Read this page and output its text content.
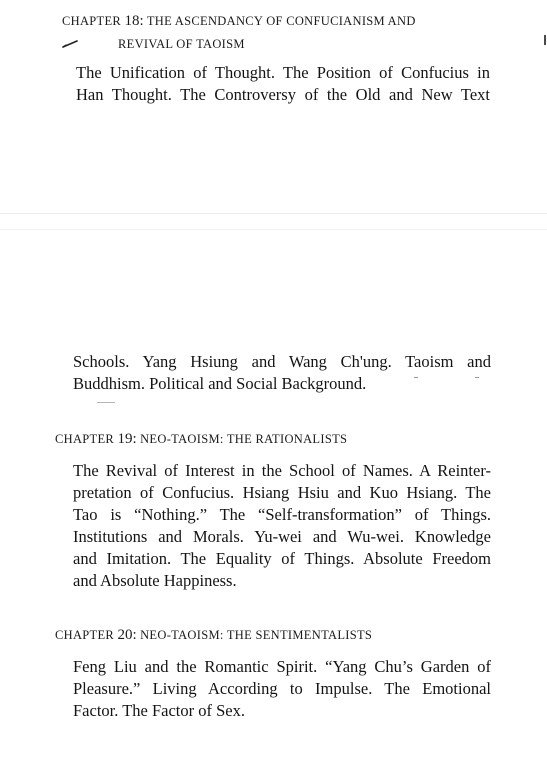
CHAPTER 18: THE ASCENDANCY OF CONFUCIANISM AND
REVIVAL OF TAOISM
The Unification of Thought. The Position of Confucius in
Han Thought. The Controversy of the Old and New Text
Schools. Yang Hsiung and Wang Ch'ung. Taoism and
Buddhism. Political and Social Background.
CHAPTER 19: NEO-TAOISM: THE RATIONALISTS
The Revival of Interest in the School of Names. A Reinter-
pretation of Confucius. Hsiang Hsiu and Kuo Hsiang. The
Tao is “Nothing.” The “Self-transformation” of Things.
Institutions and Morals. Yu-wei and Wu-wei. Knowledge
and Imitation. The Equality of Things. Absolute Freedom
and Absolute Happiness.
CHAPTER 20: NEO-TAOISM: THE SENTIMENTALISTS
Feng Liu and the Romantic Spirit. “Yang Chu’s Garden of
Pleasure.” Living According to Impulse. The Emotional
Factor. The Factor of Sex.
